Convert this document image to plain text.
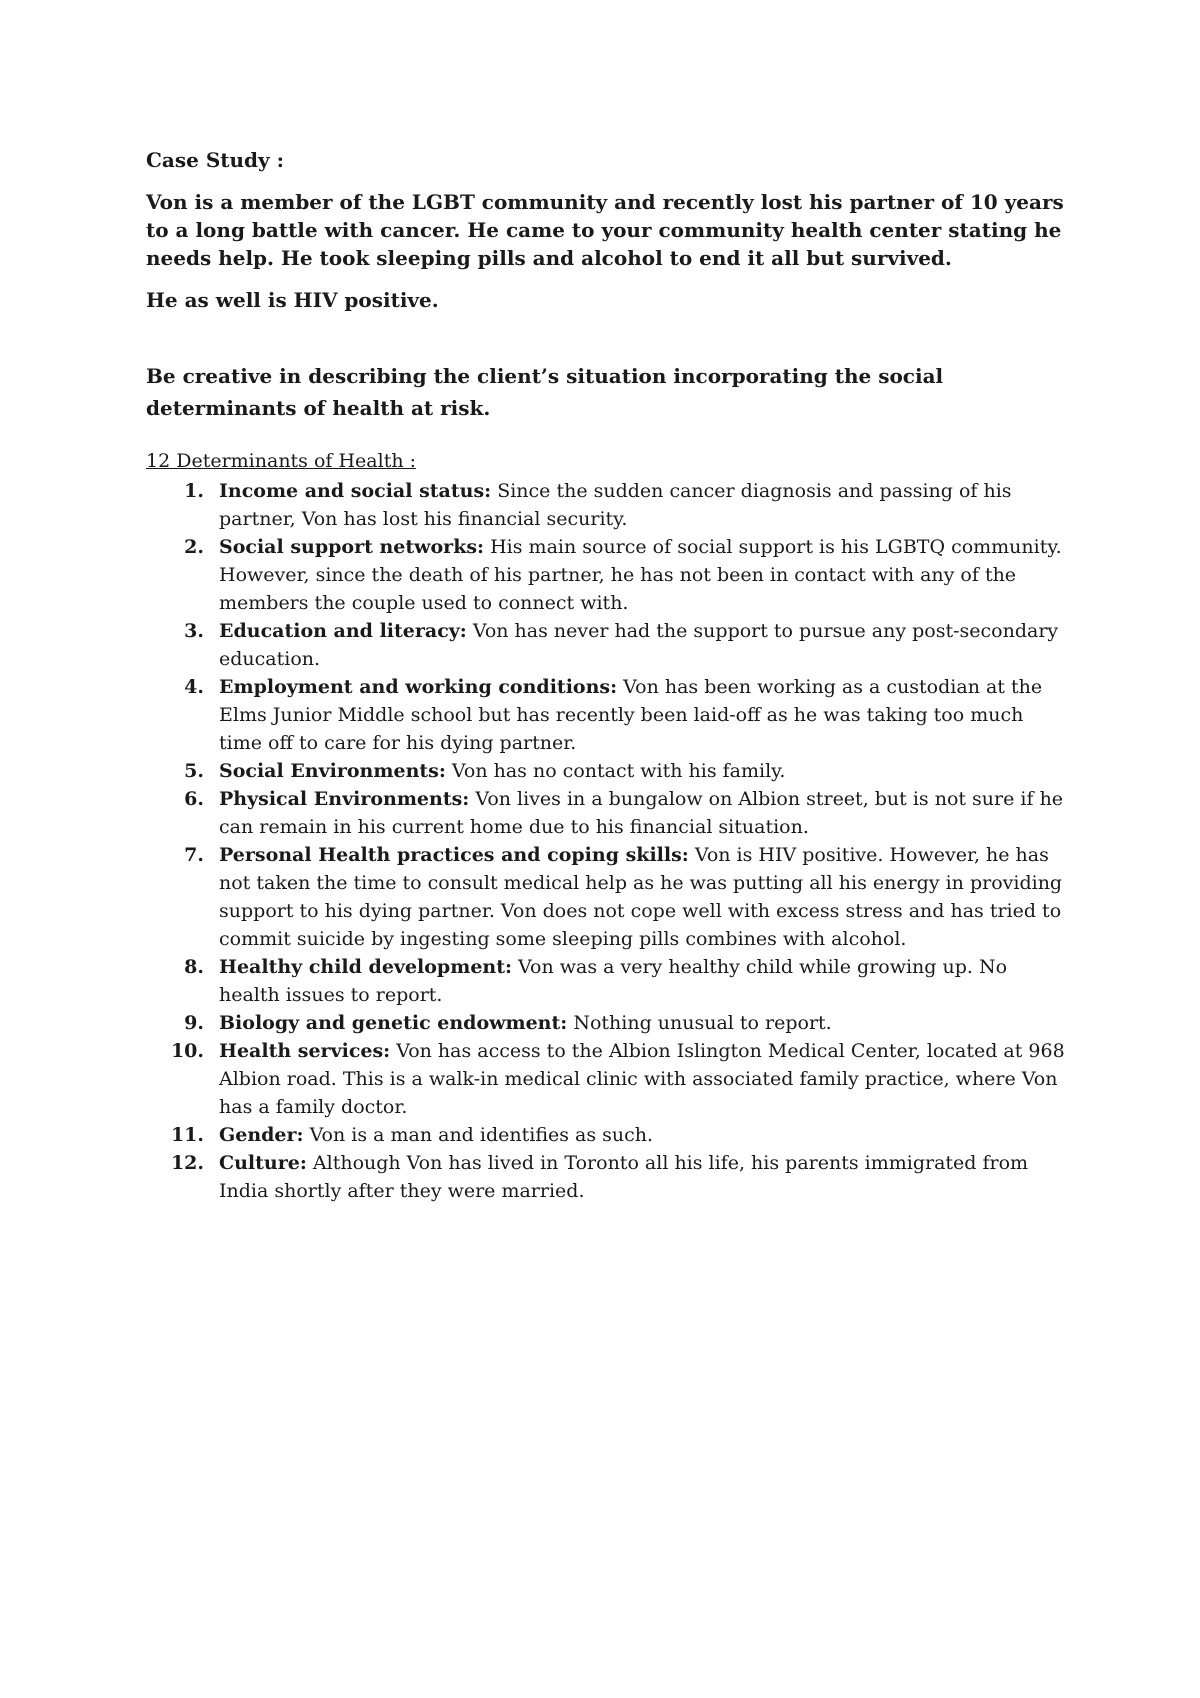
Case Study :

Von is a member of the LGBT community and recently lost his partner of 10 years to a long battle with cancer. He came to your community health center stating he needs help. He took sleeping pills and alcohol to end it all but survived.

He as well is HIV positive.

Be creative in describing the client’s situation incorporating the social determinants of health at risk.

12 Determinants of Health :

1. Income and social status: Since the sudden cancer diagnosis and passing of his partner, Von has lost his financial security.
2. Social support networks: His main source of social support is his LGBTQ community. However, since the death of his partner, he has not been in contact with any of the members the couple used to connect with.
3. Education and literacy: Von has never had the support to pursue any post-secondary education.
4. Employment and working conditions: Von has been working as a custodian at the Elms Junior Middle school but has recently been laid-off as he was taking too much time off to care for his dying partner.
5. Social Environments: Von has no contact with his family.
6. Physical Environments: Von lives in a bungalow on Albion street, but is not sure if he can remain in his current home due to his financial situation.
7. Personal Health practices and coping skills: Von is HIV positive. However, he has not taken the time to consult medical help as he was putting all his energy in providing support to his dying partner. Von does not cope well with excess stress and has tried to commit suicide by ingesting some sleeping pills combines with alcohol.
8. Healthy child development: Von was a very healthy child while growing up. No health issues to report.
9. Biology and genetic endowment: Nothing unusual to report.
10. Health services: Von has access to the Albion Islington Medical Center, located at 968 Albion road. This is a walk-in medical clinic with associated family practice, where Von has a family doctor.
11. Gender: Von is a man and identifies as such.
12. Culture: Although Von has lived in Toronto all his life, his parents immigrated from India shortly after they were married.
